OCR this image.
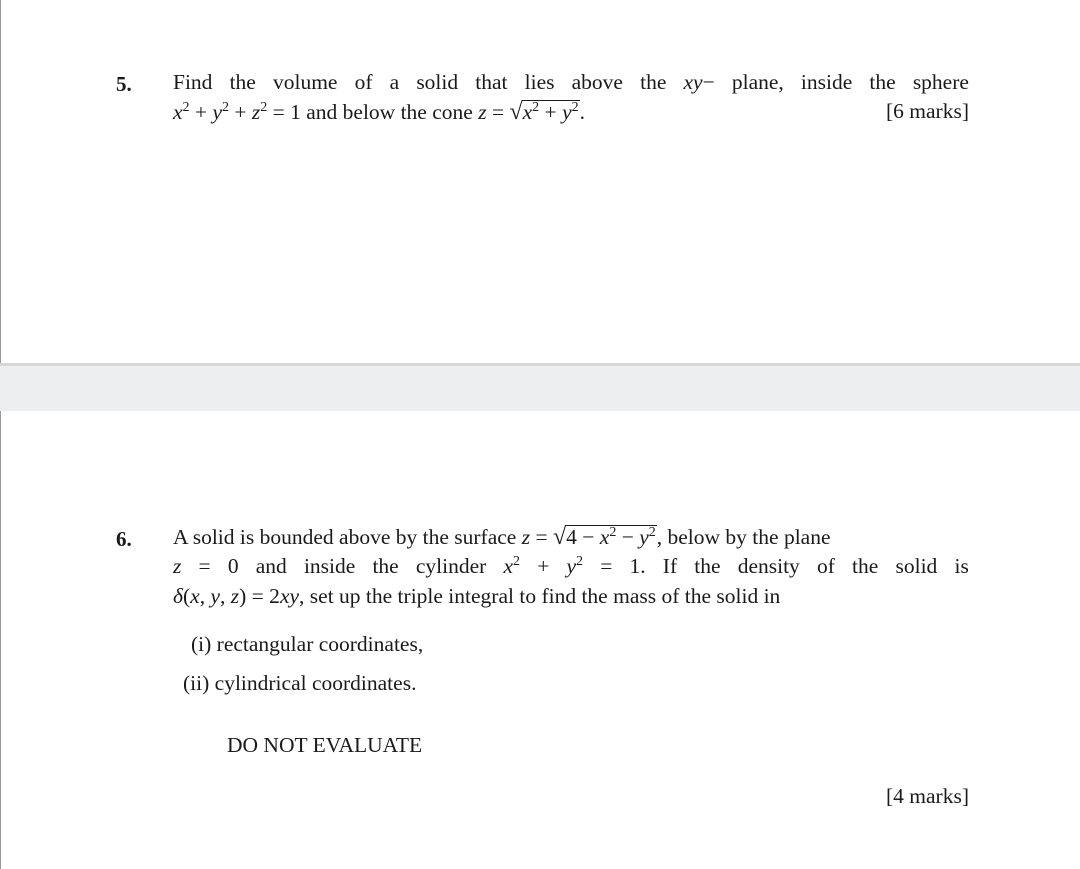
5. Find the volume of a solid that lies above the xy− plane, inside the sphere
$x^2 + y^2 + z^2 = 1$ and below the cone $z = √x^2 + y^2$.	[6 marks]
6. A solid is bounded above by the surface $z = √4 - x^2 - y^2$, below by the plane
z = 0 and inside the cylinder $x^2 + y^2 = 1$. If the density of the solid is
δ(x, y, z) = 2xy, set up the triple integral to find the mass of the solid in
(i) rectangular coordinates,
(ii) cylindrical coordinates.
DO NOT EVALUATE
[4 marks]
